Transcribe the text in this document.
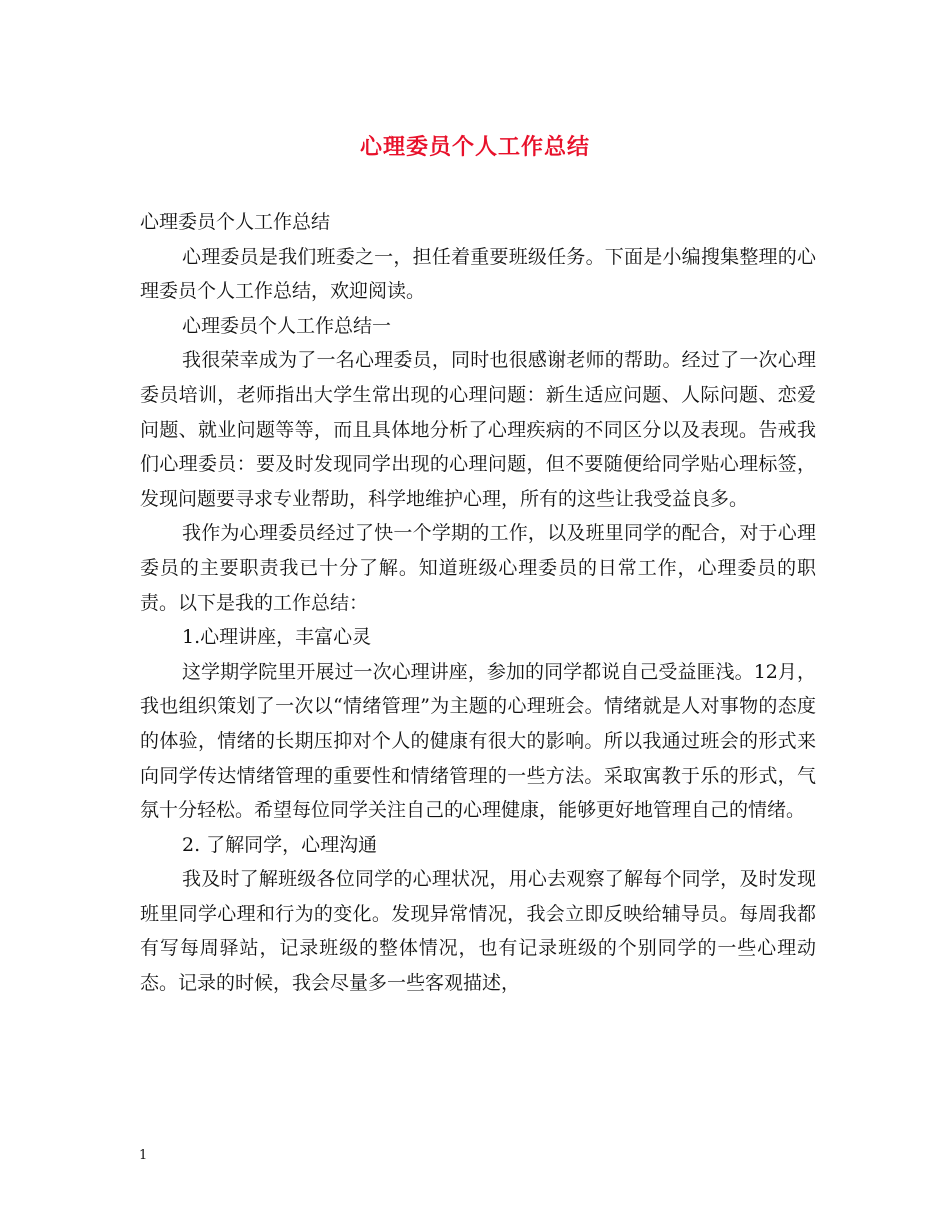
心理委员个人工作总结

心理委员个人工作总结

心理委员是我们班委之一，担任着重要班级任务。下面是小编搜集整理的心理委员个人工作总结，欢迎阅读。

心理委员个人工作总结一

我很荣幸成为了一名心理委员，同时也很感谢老师的帮助。经过了一次心理委员培训，老师指出大学生常出现的心理问题：新生适应问题、人际问题、恋爱问题、就业问题等等，而且具体地分析了心理疾病的不同区分以及表现。告戒我们心理委员：要及时发现同学出现的心理问题，但不要随便给同学贴心理标签，发现问题要寻求专业帮助，科学地维护心理，所有的这些让我受益良多。

我作为心理委员经过了快一个学期的工作，以及班里同学的配合，对于心理委员的主要职责我已十分了解。知道班级心理委员的日常工作，心理委员的职责。以下是我的工作总结：

1.心理讲座，丰富心灵

这学期学院里开展过一次心理讲座，参加的同学都说自己受益匪浅。12月，我也组织策划了一次以“情绪管理”为主题的心理班会。情绪就是人对事物的态度的体验，情绪的长期压抑对个人的健康有很大的影响。所以我通过班会的形式来向同学传达情绪管理的重要性和情绪管理的一些方法。采取寓教于乐的形式，气氛十分轻松。希望每位同学关注自己的心理健康，能够更好地管理自己的情绪。

2. 了解同学，心理沟通

我及时了解班级各位同学的心理状况，用心去观察了解每个同学，及时发现班里同学心理和行为的变化。发现异常情况，我会立即反映给辅导员。每周我都有写每周驿站，记录班级的整体情况，也有记录班级的个别同学的一些心理动态。记录的时候，我会尽量多一些客观描述，

1
